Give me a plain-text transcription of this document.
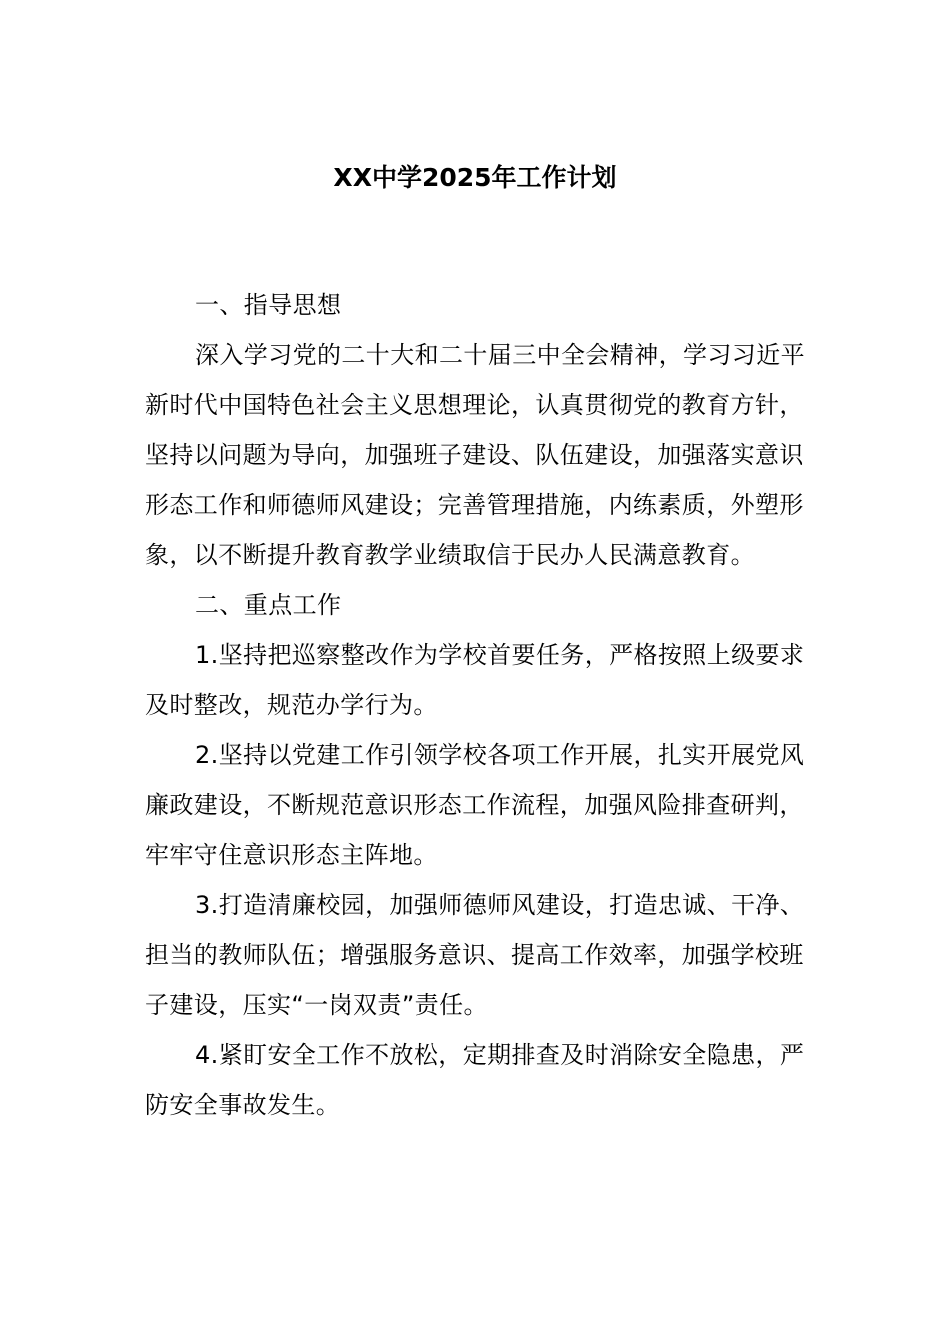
XX中学2025年工作计划

一、指导思想

深入学习党的二十大和二十届三中全会精神，学习习近平新时代中国特色社会主义思想理论，认真贯彻党的教育方针，坚持以问题为导向，加强班子建设、队伍建设，加强落实意识形态工作和师德师风建设；完善管理措施，内练素质，外塑形象，以不断提升教育教学业绩取信于民办人民满意教育。

二、重点工作

1.坚持把巡察整改作为学校首要任务，严格按照上级要求及时整改，规范办学行为。

2.坚持以党建工作引领学校各项工作开展，扎实开展党风廉政建设，不断规范意识形态工作流程，加强风险排查研判，牢牢守住意识形态主阵地。

3.打造清廉校园，加强师德师风建设，打造忠诚、干净、担当的教师队伍；增强服务意识、提高工作效率，加强学校班子建设，压实“一岗双责”责任。

4.紧盯安全工作不放松，定期排查及时消除安全隐患，严防安全事故发生。
